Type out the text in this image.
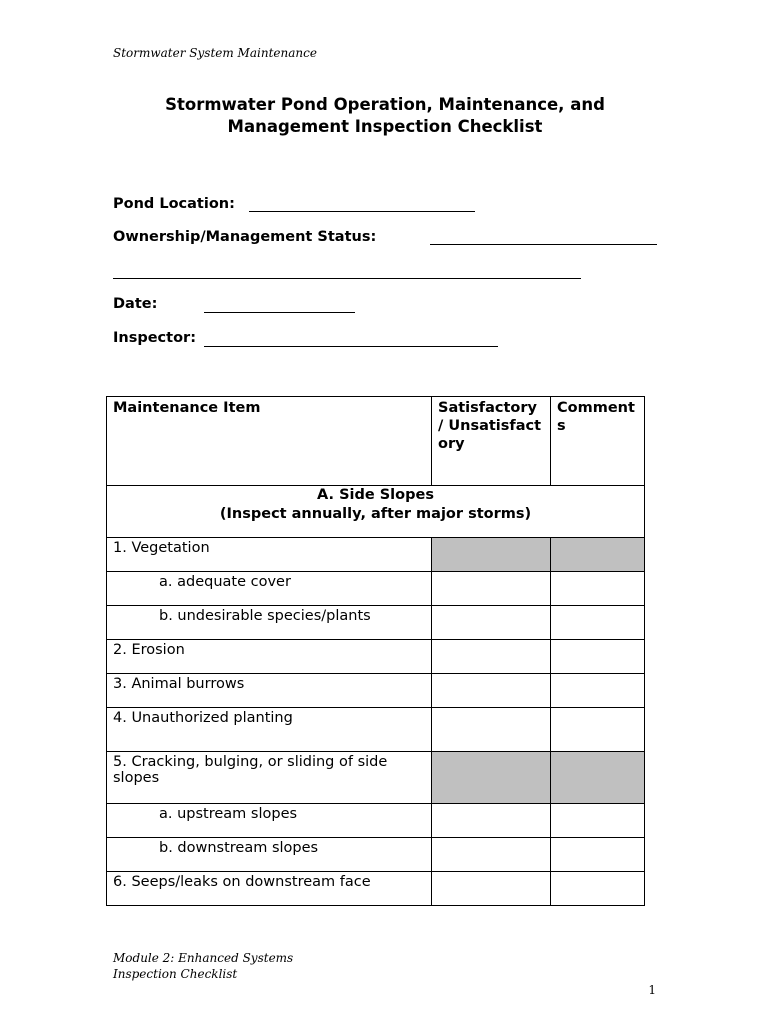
Stormwater System Maintenance
Stormwater Pond Operation, Maintenance, and
Management Inspection Checklist
Pond Location:
Ownership/Management Status:
Date:
Inspector:
Maintenance Item	Satisfactory / Unsatisfactory	Comments

A. Side Slopes
(Inspect annually, after major storms)		

1. Vegetation		
a. adequate cover		
b. undesirable species/plants		
2. Erosion		
3. Animal burrows		
4. Unauthorized planting		
5. Cracking, bulging, or sliding of side slopes		
a. upstream slopes		
b. downstream slopes		
6. Seeps/leaks on downstream face		
Module 2: Enhanced Systems
Inspection Checklist
1
